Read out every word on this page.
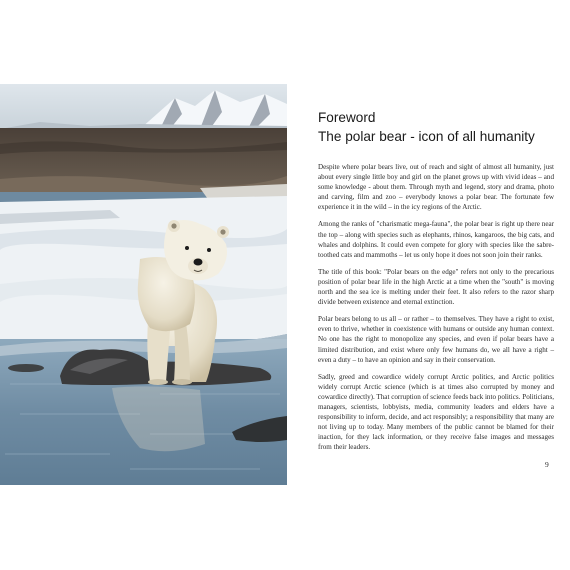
Foreword
The polar bear - icon of all humanity

Despite where polar bears live, out of reach and sight of almost all humanity, just about every single little boy and girl on the planet grows up with vivid ideas – and some knowledge - about them. Through myth and legend, story and drama, photo and carving, film and zoo – everybody knows a polar bear. The fortunate few experience it in the wild – in the icy regions of the Arctic.

Among the ranks of "charismatic mega-fauna", the polar bear is right up there near the top – along with species such as elephants, rhinos, kangaroos, the big cats, and whales and dolphins. It could even compete for glory with species like the sabre-toothed cats and mammoths – let us only hope it does not soon join their ranks.

The title of this book: "Polar bears on the edge" refers not only to the precarious position of polar bear life in the high Arctic at a time when the "south" is moving north and the sea ice is melting under their feet. It also refers to the razor sharp divide between existence and eternal extinction.

Polar bears belong to us all – or rather – to themselves. They have a right to exist, even to thrive, whether in coexistence with humans or outside any human context. No one has the right to monopolize any species, and even if polar bears have a limited distribution, and exist where only few humans do, we all have a right – even a duty – to have an opinion and say in their conservation.

Sadly, greed and cowardice widely corrupt Arctic politics, and Arctic politics widely corrupt Arctic science (which is at times also corrupted by money and cowardice directly). That corruption of science feeds back into politics. Politicians, managers, scientists, lobbyists, media, community leaders and elders have a responsibility to inform, decide, and act responsibly; a responsibility that many are not living up to today. Many members of the public cannot be blamed for their inaction, for they lack information, or they receive false images and messages from their leaders.

9
